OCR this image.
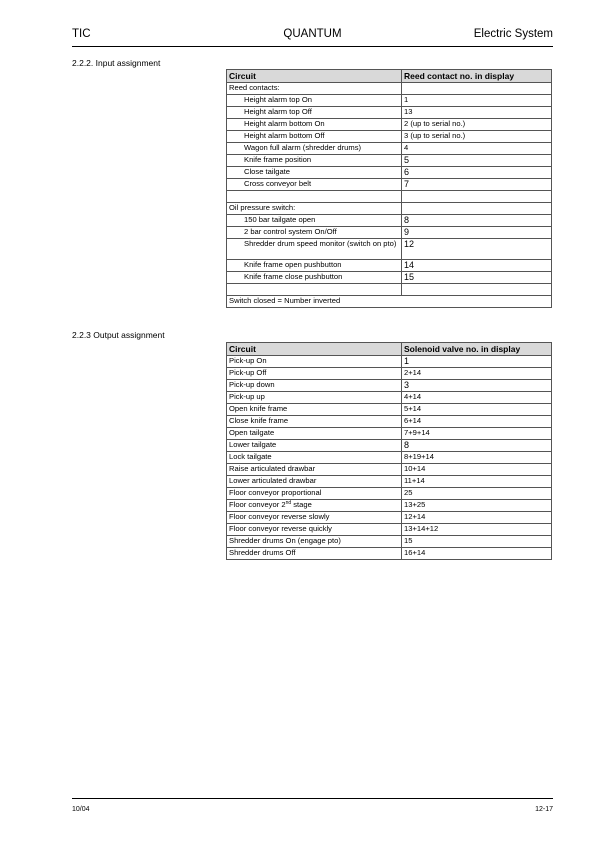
TIC	QUANTUM	Electric System
2.2.2. Input assignment
Circuit	Reed contact no. in display
Reed contacts:	
Height alarm top On	1
Height alarm top Off	13
Height alarm bottom On	2 (up to serial no.)
Height alarm bottom Off	3 (up to serial no.)
Wagon full alarm (shredder drums)	4
Knife frame position	5
Close tailgate	6
Cross conveyor belt	7

Oil pressure switch:	
150 bar tailgate open	8
2 bar control system On/Off	9
Shredder drum speed monitor (switch on pto)	12
Knife frame open pushbutton	14
Knife frame close pushbutton	15

Switch closed = Number inverted	
2.2.3 Output assignment
Circuit	Solenoid valve no. in display
Pick-up On	1
Pick-up Off	2+14
Pick-up down	3
Pick-up up	4+14
Open knife frame	5+14
Close knife frame	6+14
Open tailgate	7+9+14
Lower tailgate	8
Lock tailgate	8+19+14
Raise articulated drawbar	10+14
Lower articulated drawbar	11+14
Floor conveyor proportional	25
Floor conveyor 2nd stage	13+25
Floor conveyor reverse slowly	12+14
Floor conveyor reverse quickly	13+14+12
Shredder drums On (engage pto)	15
Shredder drums Off	16+14
10/04	12-17
